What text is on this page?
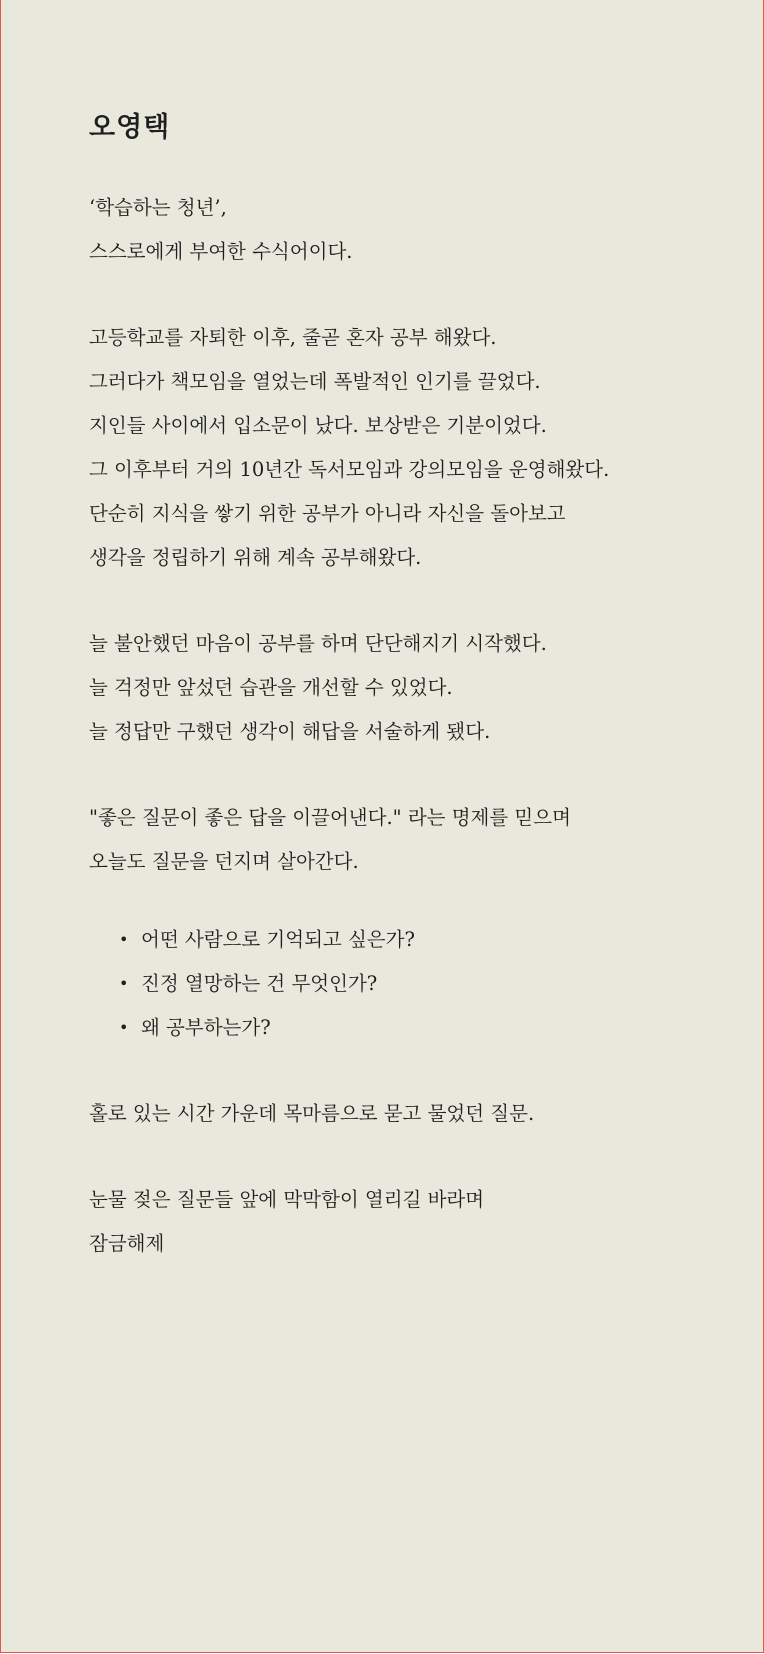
오영택
‘학습하는 청년’,
스스로에게 부여한 수식어이다.
고등학교를 자퇴한 이후, 줄곧 혼자 공부 해왔다.
그러다가 책모임을 열었는데 폭발적인 인기를 끌었다.
지인들 사이에서 입소문이 났다. 보상받은 기분이었다.
그 이후부터 거의 10년간 독서모임과 강의모임을 운영해왔다.
단순히 지식을 쌓기 위한 공부가 아니라 자신을 돌아보고
생각을 정립하기 위해 계속 공부해왔다.
늘 불안했던 마음이 공부를 하며 단단해지기 시작했다.
늘 걱정만 앞섰던 습관을 개선할 수 있었다.
늘 정답만 구했던 생각이 해답을 서술하게 됐다.
"좋은 질문이 좋은 답을 이끌어낸다." 라는 명제를 믿으며
오늘도 질문을 던지며 살아간다.
• 어떤 사람으로 기억되고 싶은가?
• 진정 열망하는 건 무엇인가?
• 왜 공부하는가?
홀로 있는 시간 가운데 목마름으로 묻고 물었던 질문.
눈물 젖은 질문들 앞에 막막함이 열리길 바라며
잠금해제
